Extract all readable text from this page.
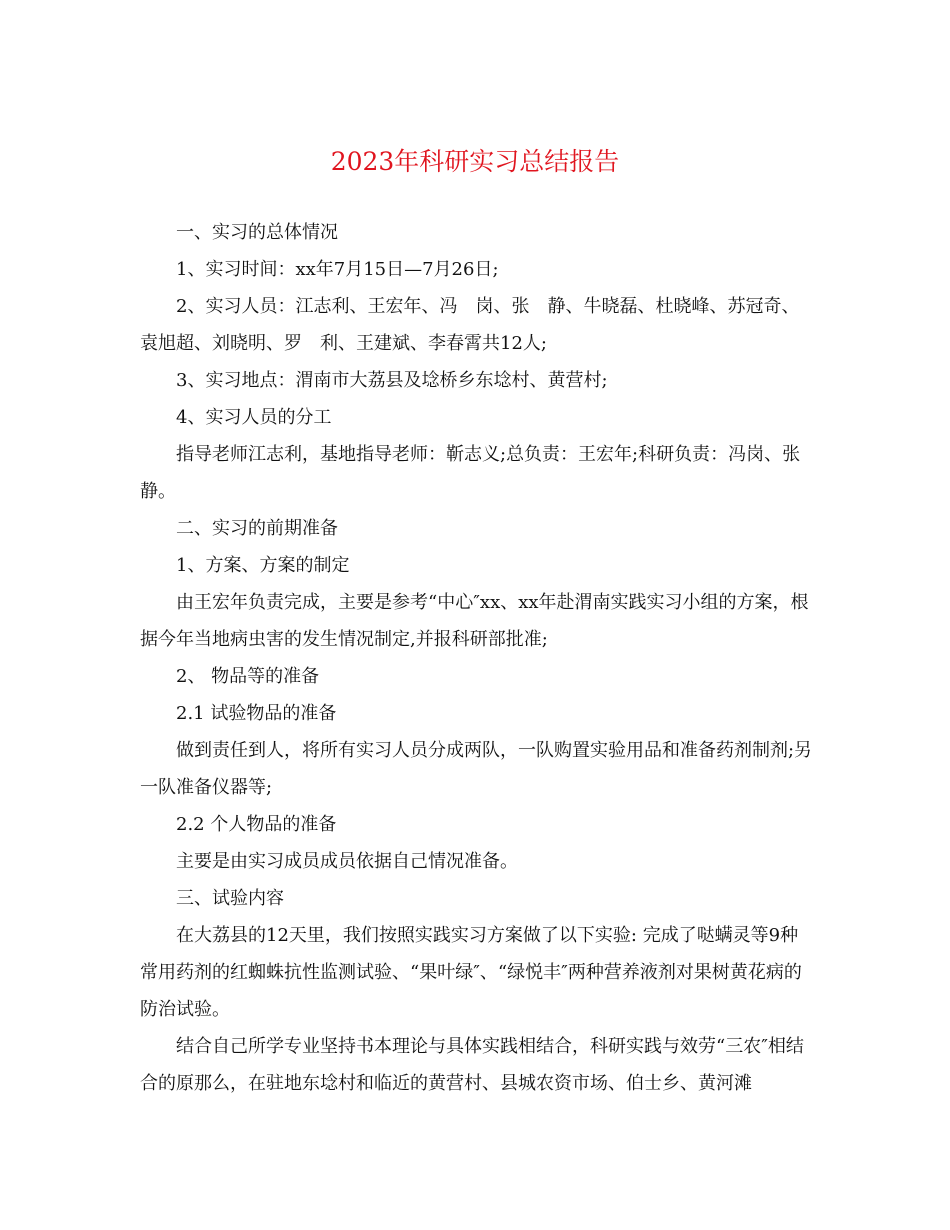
2023年科研实习总结报告

一、实习的总体情况

1、实习时间：xx年7月15日—7月26日;

2、实习人员：江志利、王宏年、冯　岗、张　静、牛晓磊、杜晓峰、苏冠奇、袁旭超、刘晓明、罗　利、王建斌、李春霄共12人;

3、实习地点：渭南市大荔县及埝桥乡东埝村、黄营村;

4、实习人员的分工

指导老师江志利，基地指导老师：靳志义;总负责：王宏年;科研负责：冯岗、张　静。

二、实习的前期准备

1、方案、方案的制定

由王宏年负责完成，主要是参考“中心″xx、xx年赴渭南实践实习小组的方案，根据今年当地病虫害的发生情况制定,并报科研部批准;

2、 物品等的准备

2.1 试验物品的准备

做到责任到人，将所有实习人员分成两队，一队购置实验用品和准备药剂制剂;另一队准备仪器等;

2.2 个人物品的准备

主要是由实习成员成员依据自己情况准备。

三、试验内容

在大荔县的12天里，我们按照实践实习方案做了以下实验: 完成了哒螨灵等9种常用药剂的红蜘蛛抗性监测试验、“果叶绿″、“绿悦丰″两种营养液剂对果树黄花病的防治试验。

结合自己所学专业坚持书本理论与具体实践相结合，科研实践与效劳“三农″相结合的原那么，在驻地东埝村和临近的黄营村、县城农资市场、伯士乡、黄河滩
